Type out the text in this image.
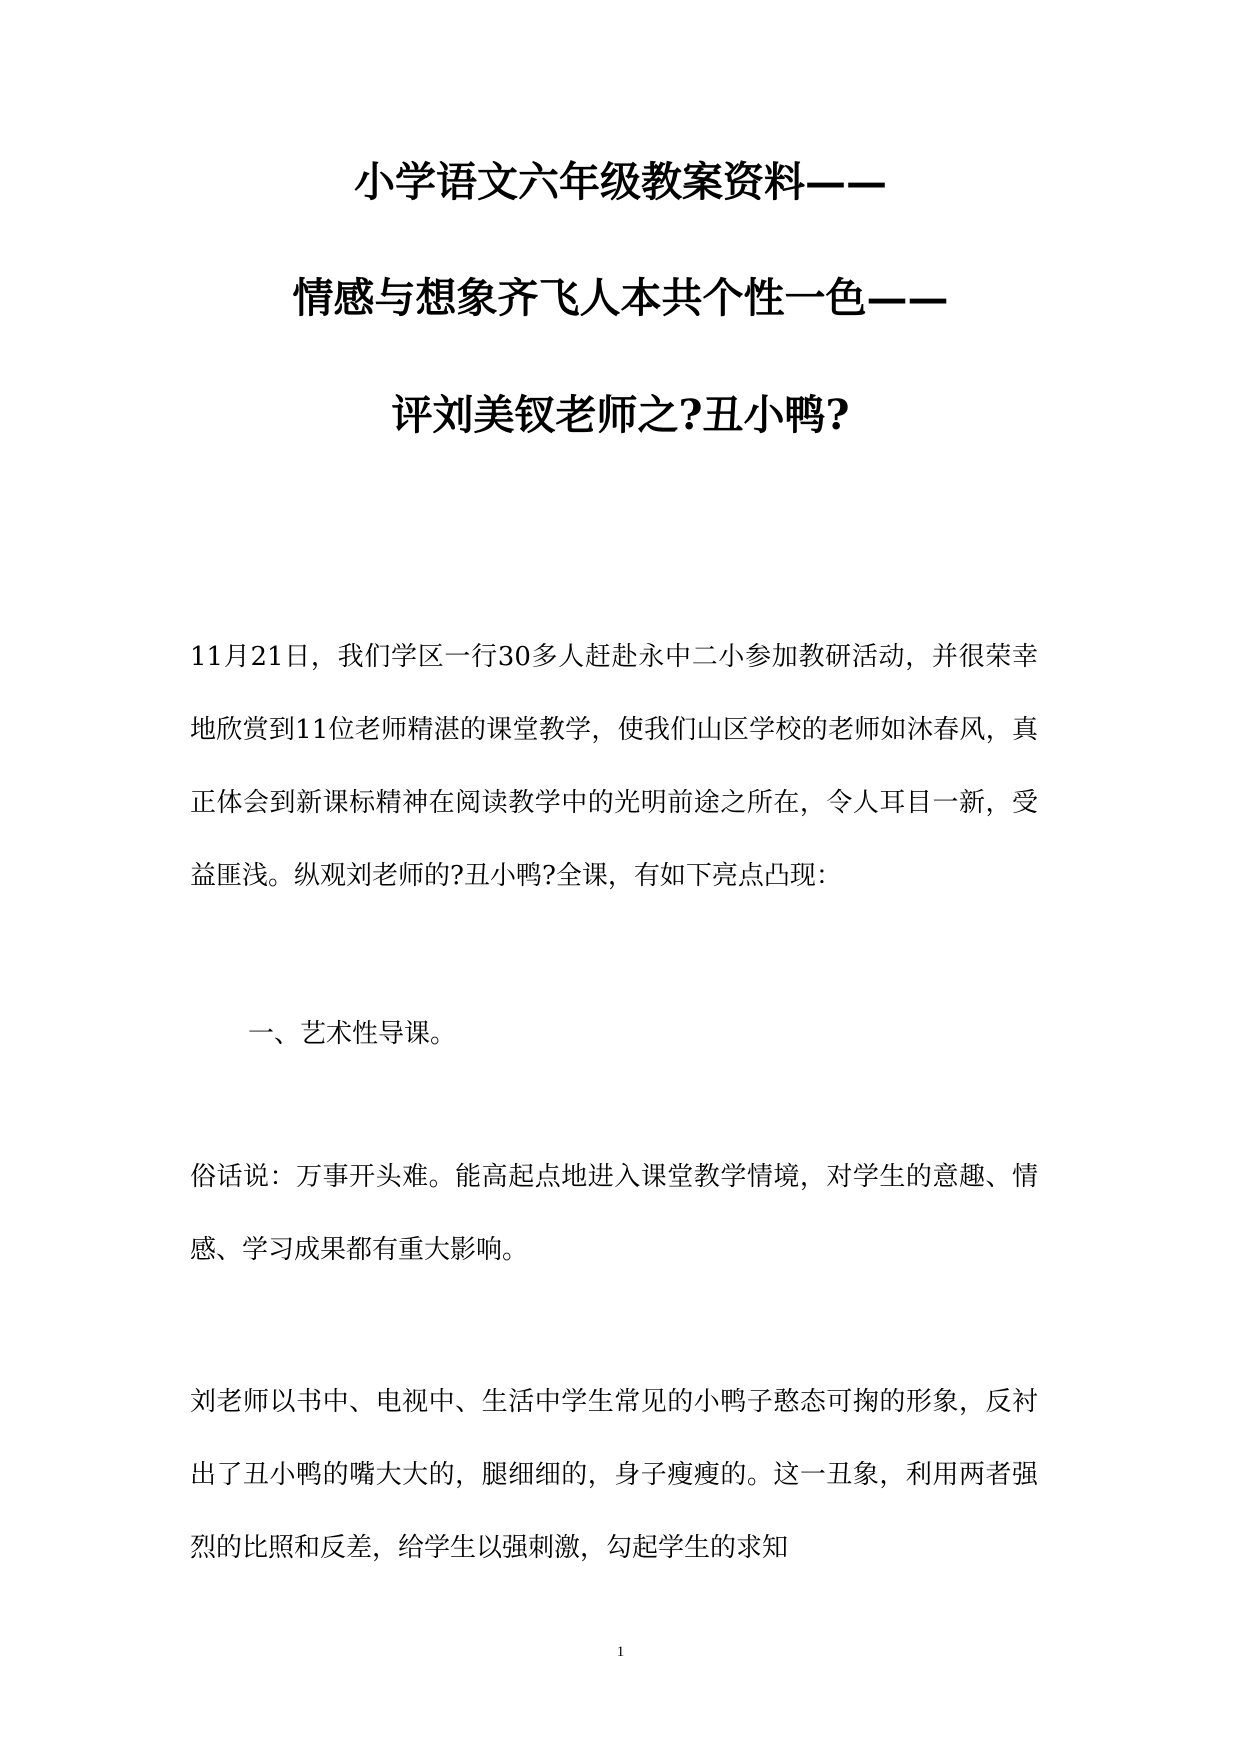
小学语文六年级教案资料——
情感与想象齐飞人本共个性一色——
评刘美钗老师之?丑小鸭?

11月21日，我们学区一行30多人赶赴永中二小参加教研活动，并很荣幸地欣赏到11位老师精湛的课堂教学，使我们山区学校的老师如沐春风，真正体会到新课标精神在阅读教学中的光明前途之所在，令人耳目一新，受益匪浅。纵观刘老师的?丑小鸭?全课，有如下亮点凸现：

一、艺术性导课。

俗话说：万事开头难。能高起点地进入课堂教学情境，对学生的意趣、情感、学习成果都有重大影响。

刘老师以书中、电视中、生活中学生常见的小鸭子憨态可掬的形象，反衬出了丑小鸭的嘴大大的，腿细细的，身子瘦瘦的。这一丑象，利用两者强烈的比照和反差，给学生以强刺激，勾起学生的求知

1
